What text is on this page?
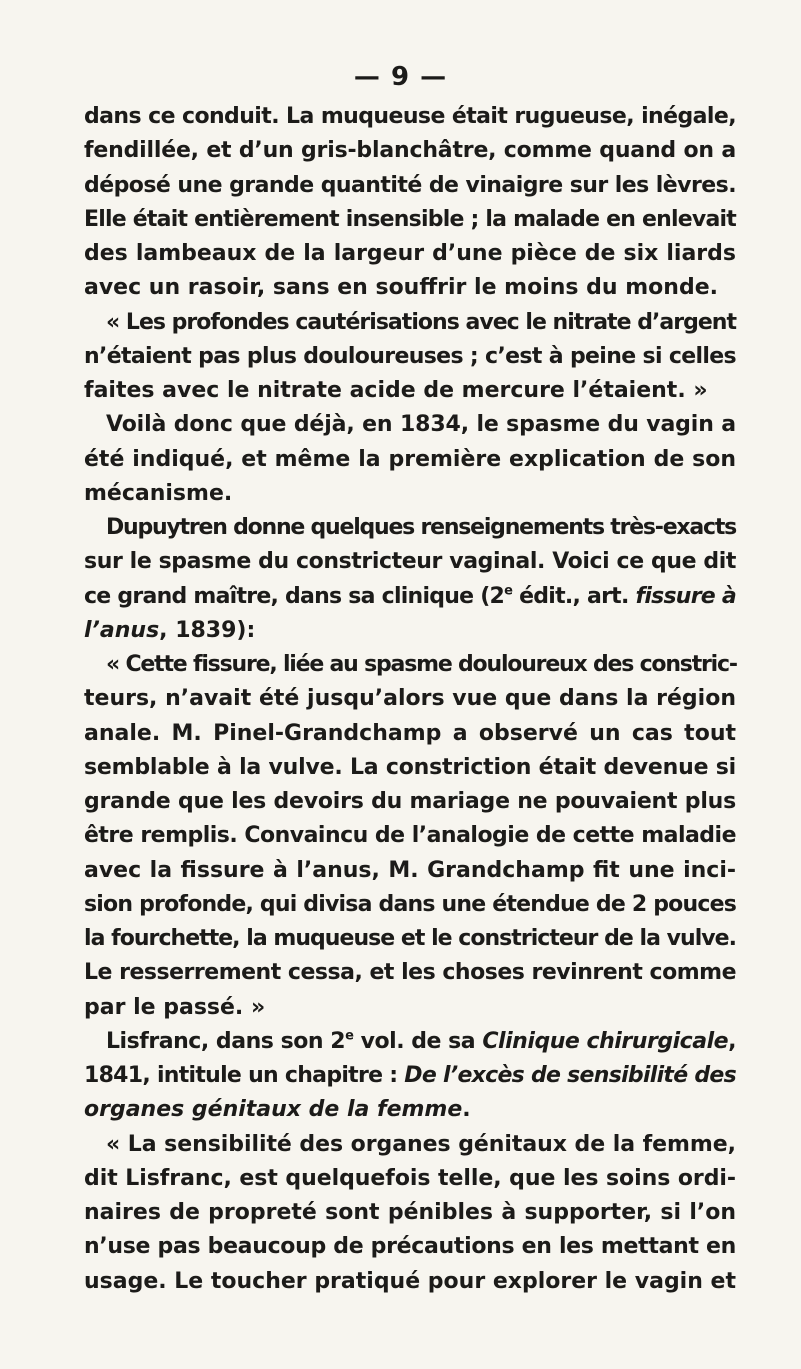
— 9 —
dans ce conduit. La muqueuse était rugueuse, inégale,
fendillée, et d’un gris-blanchâtre, comme quand on a
déposé une grande quantité de vinaigre sur les lèvres.
Elle était entièrement insensible ; la malade en enlevait
des lambeaux de la largeur d’une pièce de six liards
avec un rasoir, sans en souffrir le moins du monde.
« Les profondes cautérisations avec le nitrate d’argent
n’étaient pas plus douloureuses ; c’est à peine si celles
faites avec le nitrate acide de mercure l’étaient. »
Voilà donc que déjà, en 1834, le spasme du vagin a
été indiqué, et même la première explication de son
mécanisme.
Dupuytren donne quelques renseignements très-exacts
sur le spasme du constricteur vaginal. Voici ce que dit
ce grand maître, dans sa clinique (2e édit., art. fissure à
l’anus, 1839):
« Cette fissure, liée au spasme douloureux des constric-
teurs, n’avait été jusqu’alors vue que dans la région
anale. M. Pinel-Grandchamp a observé un cas tout
semblable à la vulve. La constriction était devenue si
grande que les devoirs du mariage ne pouvaient plus
être remplis. Convaincu de l’analogie de cette maladie
avec la fissure à l’anus, M. Grandchamp fit une inci-
sion profonde, qui divisa dans une étendue de 2 pouces
la fourchette, la muqueuse et le constricteur de la vulve.
Le resserrement cessa, et les choses revinrent comme
par le passé. »
Lisfranc, dans son 2e vol. de sa Clinique chirurgicale,
1841, intitule un chapitre : De l’excès de sensibilité des
organes génitaux de la femme.
« La sensibilité des organes génitaux de la femme,
dit Lisfranc, est quelquefois telle, que les soins ordi-
naires de propreté sont pénibles à supporter, si l’on
n’use pas beaucoup de précautions en les mettant en
usage. Le toucher pratiqué pour explorer le vagin et
